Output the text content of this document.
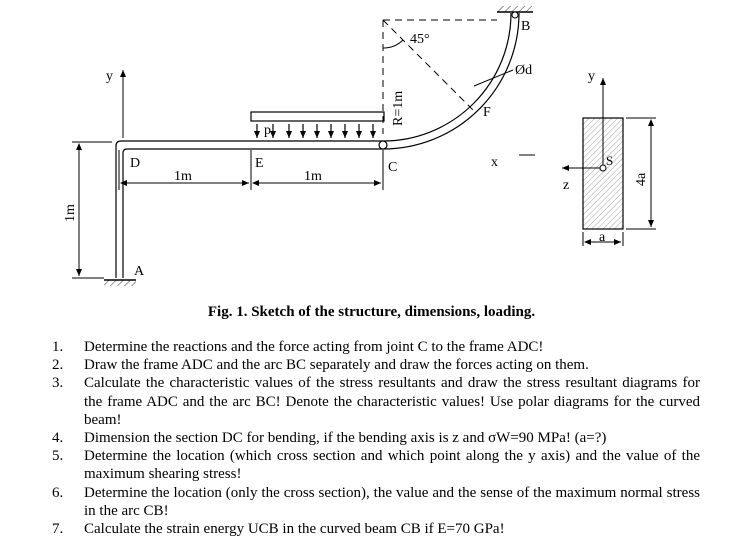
A
D	E	C
B
F
p
y
x
y
z
S
a
4a
Ød
1m
1m	1m
R=1m
45°
Fig. 1. Sketch of the structure, dimensions, loading.
1. Determine the reactions and the force acting from joint C to the frame ADC!
2. Draw the frame ADC and the arc BC separately and draw the forces acting on them.
3. Calculate the characteristic values of the stress resultants and draw the stress resultant diagrams for the frame ADC and the arc BC! Denote the characteristic values! Use polar diagrams for the curved beam!
4. Dimension the section DC for bending, if the bending axis is z and σW=90 MPa! (a=?)
5. Determine the location (which cross section and which point along the y axis) and the value of the maximum shearing stress!
6. Determine the location (only the cross section), the value and the sense of the maximum normal stress in the arc CB!
7. Calculate the strain energy UCB in the curved beam CB if E=70 GPa!
